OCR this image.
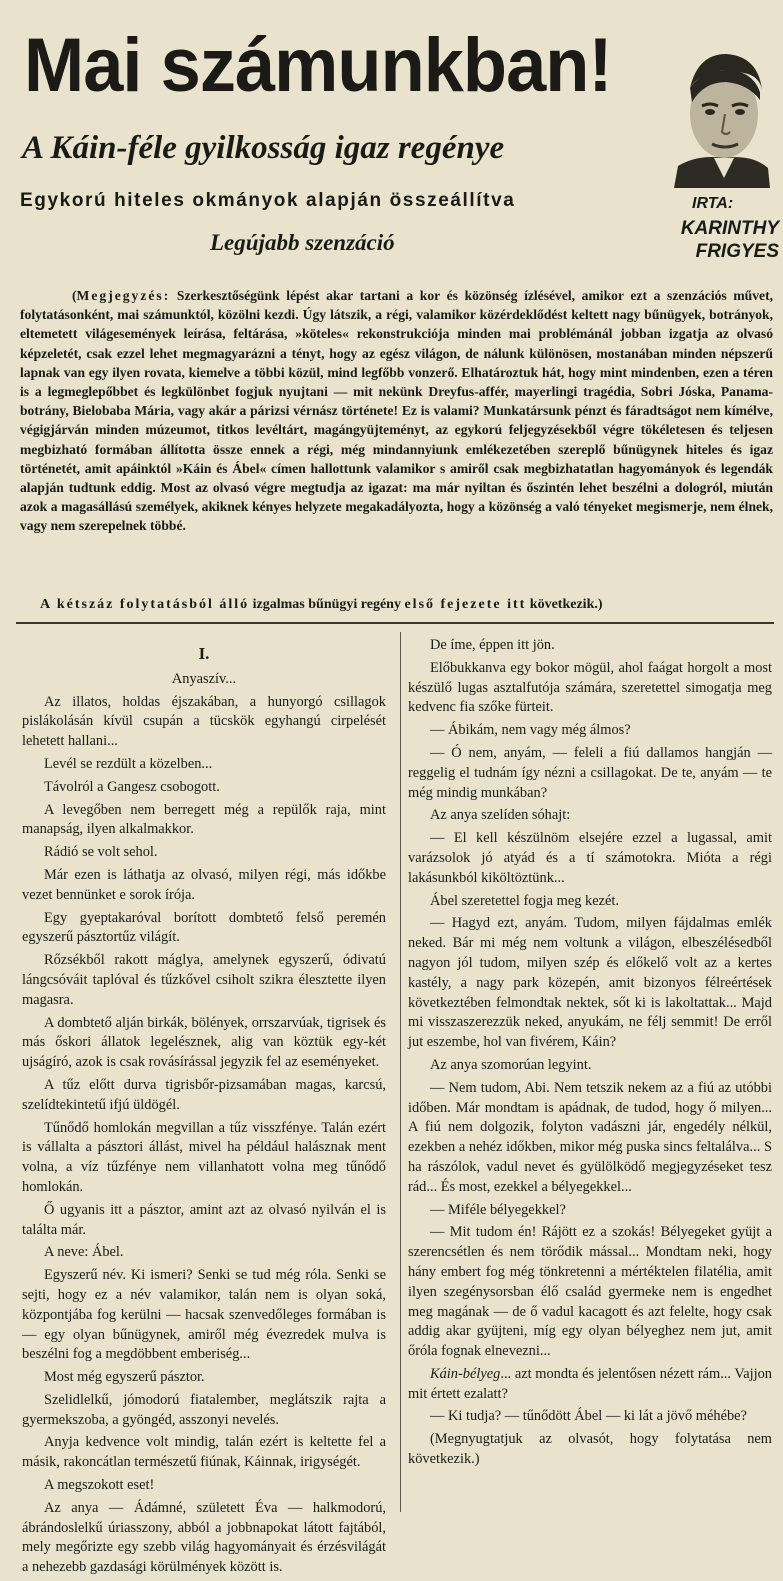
Mai számunkban!
A Káin-féle gyilkosság igaz regénye
Egykorú hiteles okmányok alapján összeállítva
Legújabb szenzáció
IRTA:
KARINTHY
FRIGYES

(Megjegyzés: Szerkesztőségünk lépést akar tartani a kor és közönség ízlésével, amikor ezt a szenzációs művet, folytatásonként, mai számunktól, közölni kezdi. Úgy látszik, a régi, valamikor közérdeklődést keltett nagy bűnügyek, botrányok, eltemetett világesemények leírása, feltárása, »köteles« rekonstrukciója minden mai problémánál jobban izgatja az olvasó képzeletét, csak ezzel lehet megmagyarázni a tényt, hogy az egész világon, de nálunk különösen, mostanában minden népszerű lapnak van egy ilyen rovata, kiemelve a többi közül, mind legfőbb vonzerő. Elhatároztuk hát, hogy mint mindenben, ezen a téren is a legmeglepőbbet és legkülönbet fogjuk nyujtani — mit nekünk Dreyfus-affér, mayerlingi tragédia, Sobri Jóska, Panama-botrány, Bielobaba Mária, vagy akár a párizsi vérnász története! Ez is valami? Munkatársunk pénzt és fáradtságot nem kímélve, végigjárván minden múzeumot, titkos levéltárt, magángyüjteményt, az egykorú feljegyzésekből végre tökéletesen és teljesen megbizható formában állította össze ennek a régi, még mindannyiunk emlékezetében szereplő bűnügynek hiteles és igaz történetét, amit apáinktól »Káin és Ábel« címen hallottunk valamikor s amiről csak megbizhatatlan hagyományok és legendák alapján tudtunk eddig. Most az olvasó végre megtudja az igazat: ma már nyiltan és őszintén lehet beszélni a dologról, miután azok a magasállású személyek, akiknek kényes helyzete megakadályozta, hogy a közönség a való tényeket megismerje, nem élnek, vagy nem szerepelnek többé.

A kétszáz folytatásból álló izgalmas bűnügyi regény első fejezete itt következik.)

I.

Anyaszív...

Az illatos, holdas éjszakában, a hunyorgó csillagok pislákolásán kívül csupán a tücskök egyhangú cirpelését lehetett hallani...

Levél se rezdült a közelben...

Távolról a Gangesz csobogott.

A levegőben nem berregett még a repülők raja, mint manapság, ilyen alkalmakkor.

Rádió se volt sehol.

Már ezen is láthatja az olvasó, milyen régi, más időkbe vezet bennünket e sorok írója.

Egy gyeptakaróval borított dombtető felső peremén egyszerű pásztortűz világít.

Rőzsékből rakott máglya, amelynek egyszerű, ódivatú lángcsóváit taplóval és tűzkővel csiholt szikra élesztette ilyen magasra.

A dombtető alján birkák, bölények, orrszarvúak, tigrisek és más őskori állatok legelésznek, alig van köztük egy-két ujságíró, azok is csak rovásírással jegyzik fel az eseményeket.

A tűz előtt durva tigrisbőr-pizsamában magas, karcsú, szelídtekintetű ifjú üldögél.

Tűnődő homlokán megvillan a tűz visszfénye. Talán ezért is vállalta a pásztori állást, mivel ha például halásznak ment volna, a víz tűzfénye nem villanhatott volna meg tűnődő homlokán.

Ő ugyanis itt a pásztor, amint azt az olvasó nyilván el is találta már.

A neve: Ábel.

Egyszerű név. Ki ismeri? Senki se tud még róla. Senki se sejti, hogy ez a név valamikor, talán nem is olyan soká, központjába fog kerülni — hacsak szenvedőleges formában is — egy olyan bűnügynek, amiről még évezredek mulva is beszélni fog a megdöbbent emberiség...

Most még egyszerű pásztor.

Szelidlelkű, jómodorú fiatalember, meglátszik rajta a gyermekszoba, a gyöngéd, asszonyi nevelés.

Anyja kedvence volt mindig, talán ezért is keltette fel a másik, rakoncátlan természetű fiúnak, Káinnak, irigységét.

A megszokott eset!

Az anya — Ádámné, született Éva — halkmodorú, ábrándoslelkű úriasszony, abból a jobbnapokat látott fajtából, mely megőrizte egy szebb világ hagyományait és érzésvilágát a nehezebb gazdasági körülmények között is.

De íme, éppen itt jön.

Előbukkanva egy bokor mögül, ahol faágat horgolt a most készülő lugas asztalfutója számára, szeretettel simogatja meg kedvenc fia szőke fürteit.

— Ábikám, nem vagy még álmos?

— Ó nem, anyám, — feleli a fiú dallamos hangján — reggelig el tudnám így nézni a csillagokat. De te, anyám — te még mindig munkában?

Az anya szelíden sóhajt:

— El kell készülnöm elsejére ezzel a lugassal, amit varázsolok jó atyád és a tí számotokra. Mióta a régi lakásunkból kiköltöztünk...

Ábel szeretettel fogja meg kezét.

— Hagyd ezt, anyám. Tudom, milyen fájdalmas emlék neked. Bár mi még nem voltunk a világon, elbeszélésedből nagyon jól tudom, milyen szép és előkelő volt az a kertes kastély, a nagy park közepén, amit bizonyos félreértések következtében felmondtak nektek, sőt ki is lakoltattak... Majd mi visszaszerezzük neked, anyukám, ne félj semmit! De erről jut eszembe, hol van fivérem, Káin?

Az anya szomorúan legyint.

— Nem tudom, Abi. Nem tetszik nekem az a fiú az utóbbi időben. Már mondtam is apádnak, de tudod, hogy ő milyen... A fiú nem dolgozik, folyton vadászni jár, engedély nélkül, ezekben a nehéz időkben, mikor még puska sincs feltalálva... S ha rászólok, vadul nevet és gyülölködő megjegyzéseket tesz rád... És most, ezekkel a bélyegekkel...

— Miféle bélyegekkel?

— Mit tudom én! Rájött ez a szokás! Bélyegeket gyüjt a szerencsétlen és nem törődik mással... Mondtam neki, hogy hány embert fog még tönkretenni a mértéktelen filatélia, amit ilyen szegénysorsban élő család gyermeke nem is engedhet meg magának — de ő vadul kacagott és azt felelte, hogy csak addig akar gyüjteni, míg egy olyan bélyeghez nem jut, amit őróla fognak elnevezni...

Káin-bélyeg... azt mondta és jelentősen nézett rám... Vajjon mit értett ezalatt?

— Ki tudja? — tűnődött Ábel — ki lát a jövő méhébe?

(Megnyugtatjuk az olvasót, hogy folytatása nem következik.)
